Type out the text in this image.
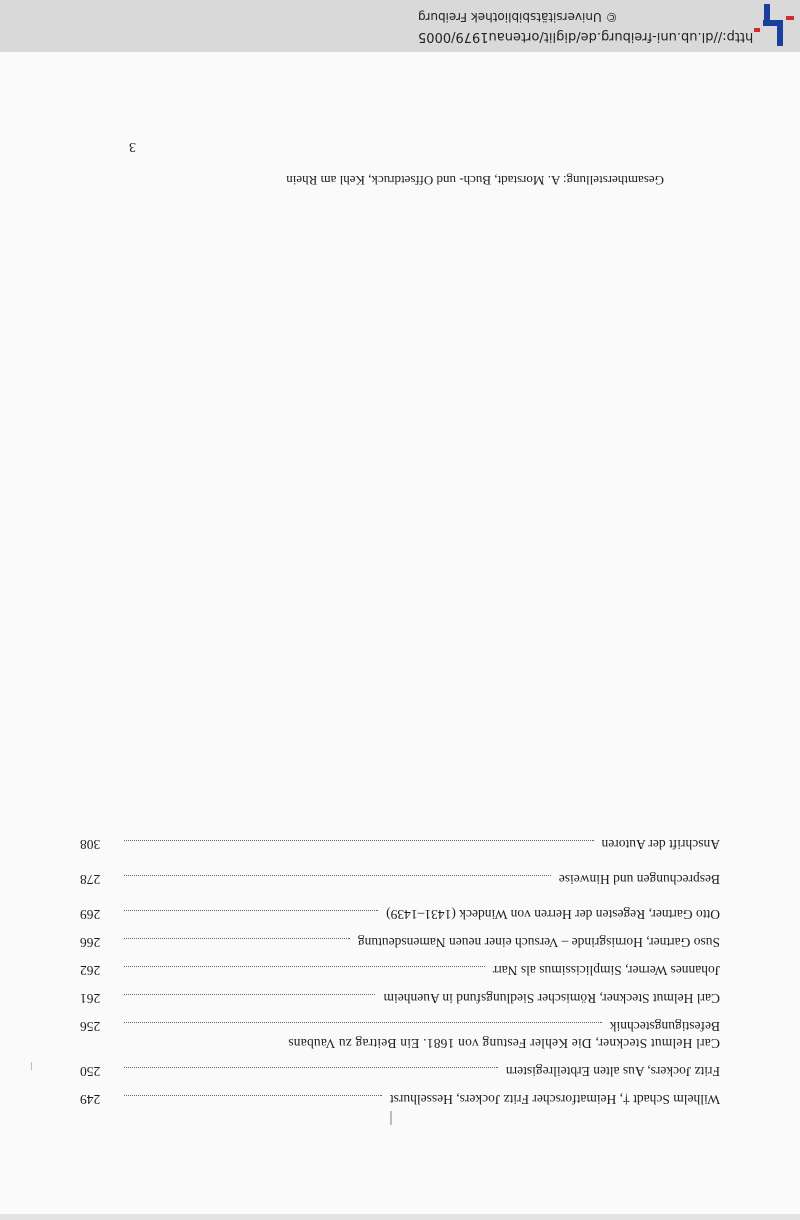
Wilhelm Schadt †, Heimatforscher Fritz Jockers, Hesselhurst
249
Fritz Jockers, Aus alten Erbteilregistern
250
Carl Helmut Steckner, Die Kehler Festung von 1681. Ein Beitrag zu Vaubans
Befestigungstechnik
256
Carl Helmut Steckner, Römischer Siedlungsfund in Auenheim
261
Johannes Werner, Simplicissimus als Narr
262
Suso Gartner, Hornisgrinde – Versuch einer neuen Namensdeutung
266
Otto Gartner, Regesten der Herren von Windeck (1431–1439)
269
Besprechungen und Hinweise
278
Anschrift der Autoren
308
Gesamtherstellung: A. Morstadt, Buch- und Offsetdruck, Kehl am Rhein
3
http://dl.ub.uni-freiburg.de/diglit/ortenau1979/0005
© Universitätsbibliothek Freiburg
